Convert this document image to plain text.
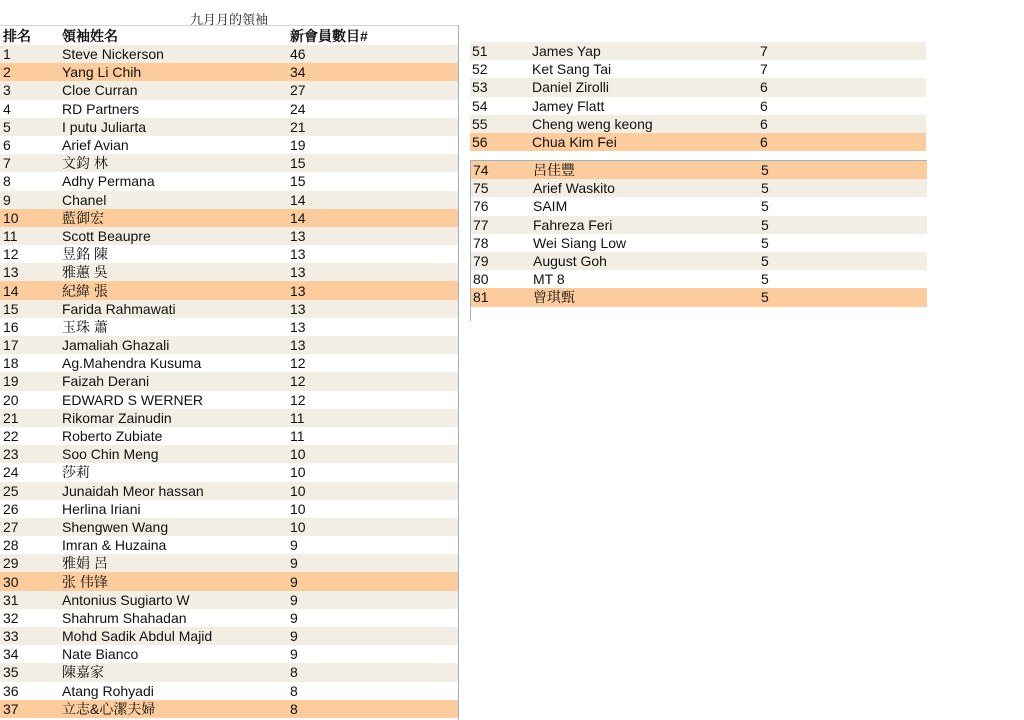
九月月的領袖
排名	領袖姓名	新會員數目#
1	Steve Nickerson	46
2	Yang Li Chih	34
3	Cloe Curran	27
4	RD Partners	24
5	I putu Juliarta	21
6	Arief Avian	19
7	文鈞 林	15
8	Adhy Permana	15
9	Chanel	14
10	藍御宏	14
11	Scott Beaupre	13
12	昱銘 陳	13
13	雅蕙 吳	13
14	紀緯 張	13
15	Farida Rahmawati	13
16	玉珠 蕭	13
17	Jamaliah Ghazali	13
18	Ag.Mahendra Kusuma	12
19	Faizah Derani	12
20	EDWARD S WERNER	12
21	Rikomar Zainudin	11
22	Roberto Zubiate	11
23	Soo Chin Meng	10
24	莎莉	10
25	Junaidah Meor hassan	10
26	Herlina Iriani	10
27	Shengwen Wang	10
28	Imran & Huzaina	9
29	雅娟 呂	9
30	张 伟锋	9
31	Antonius Sugiarto W	9
32	Shahrum Shahadan	9
33	Mohd Sadik Abdul Majid	9
34	Nate Bianco	9
35	陳嘉家	8
36	Atang Rohyadi	8
37	立志&心潔夫婦	8
51	James Yap	7
52	Ket Sang Tai	7
53	Daniel Zirolli	6
54	Jamey Flatt	6
55	Cheng weng keong	6
56	Chua Kim Fei	6
74	呂佳豐	5
75	Arief Waskito	5
76	SAIM	5
77	Fahreza Feri	5
78	Wei Siang Low	5
79	August Goh	5
80	MT 8	5
81	曾琪甄	5
